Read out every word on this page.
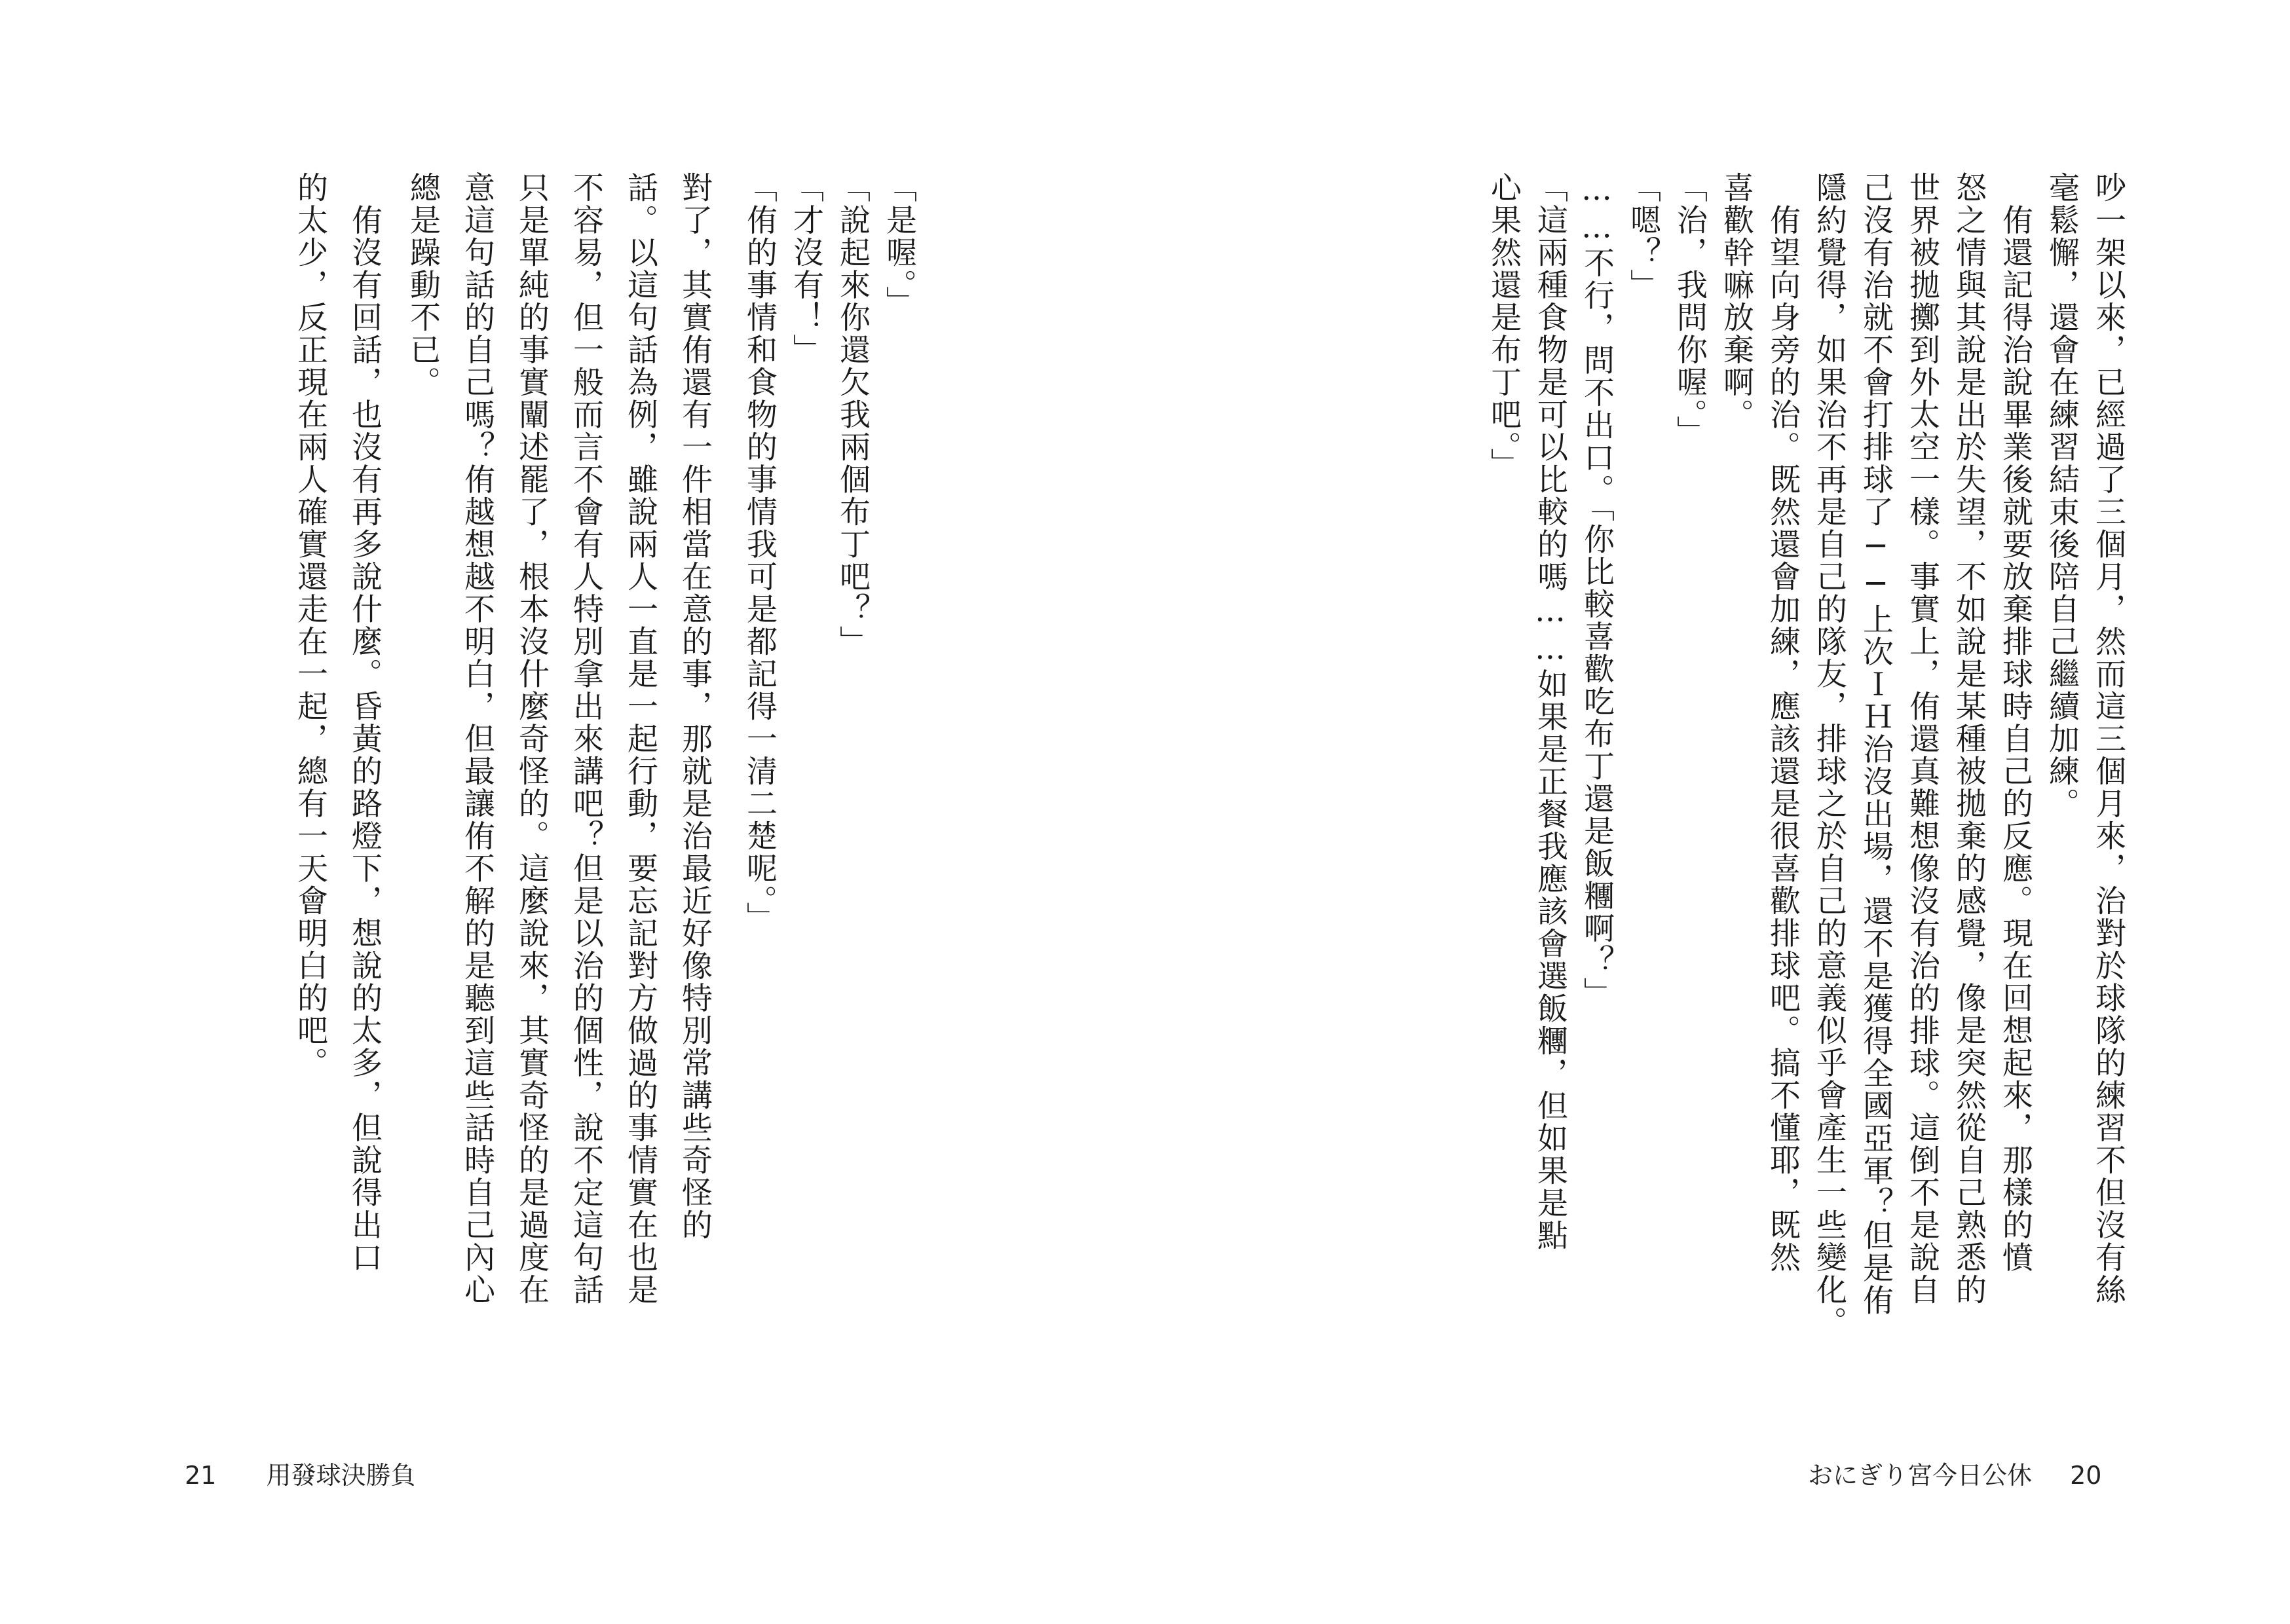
吵一架以來，已經過了三個月，然而這三個月來，治對於球隊的練習不但沒有絲
毫鬆懈，還會在練習結束後陪自己繼續加練。
　侑還記得治說畢業後就要放棄排球時自己的反應。現在回想起來，那樣的憤
怒之情與其說是出於失望，不如說是某種被拋棄的感覺，像是突然從自己熟悉的
世界被拋擲到外太空一樣。事實上，侑還真難想像沒有治的排球。這倒不是說自
己沒有治就不會打排球了──上次ＩＨ治沒出場，還不是獲得全國亞軍？但是侑
隱約覺得，如果治不再是自己的隊友，排球之於自己的意義似乎會產生一些變化。
　侑望向身旁的治。既然還會加練，應該還是很喜歡排球吧。搞不懂耶，既然
喜歡幹嘛放棄啊。
「治，我問你喔。」
「嗯？」
……不行，問不出口。「你比較喜歡吃布丁還是飯糰啊？」
「這兩種食物是可以比較的嗎……如果是正餐我應該會選飯糰，但如果是點
心果然還是布丁吧。」
おにぎり宮今日公休 20
「是喔。」
「說起來你還欠我兩個布丁吧？」
「才沒有！」
「侑的事情和食物的事情我可是都記得一清二楚呢。」
對了，其實侑還有一件相當在意的事，那就是治最近好像特別常講些奇怪的
話。以這句話為例，雖說兩人一直是一起行動，要忘記對方做過的事情實在也是
不容易，但一般而言不會有人特別拿出來講吧？但是以治的個性，說不定這句話
只是單純的事實闡述罷了，根本沒什麼奇怪的。這麼說來，其實奇怪的是過度在
意這句話的自己嗎？侑越想越不明白，但最讓侑不解的是聽到這些話時自己內心
總是躁動不已。
　侑沒有回話，也沒有再多說什麼。昏黃的路燈下，想說的太多，但說得出口
的太少，反正現在兩人確實還走在一起，總有一天會明白的吧。
21 用發球決勝負
